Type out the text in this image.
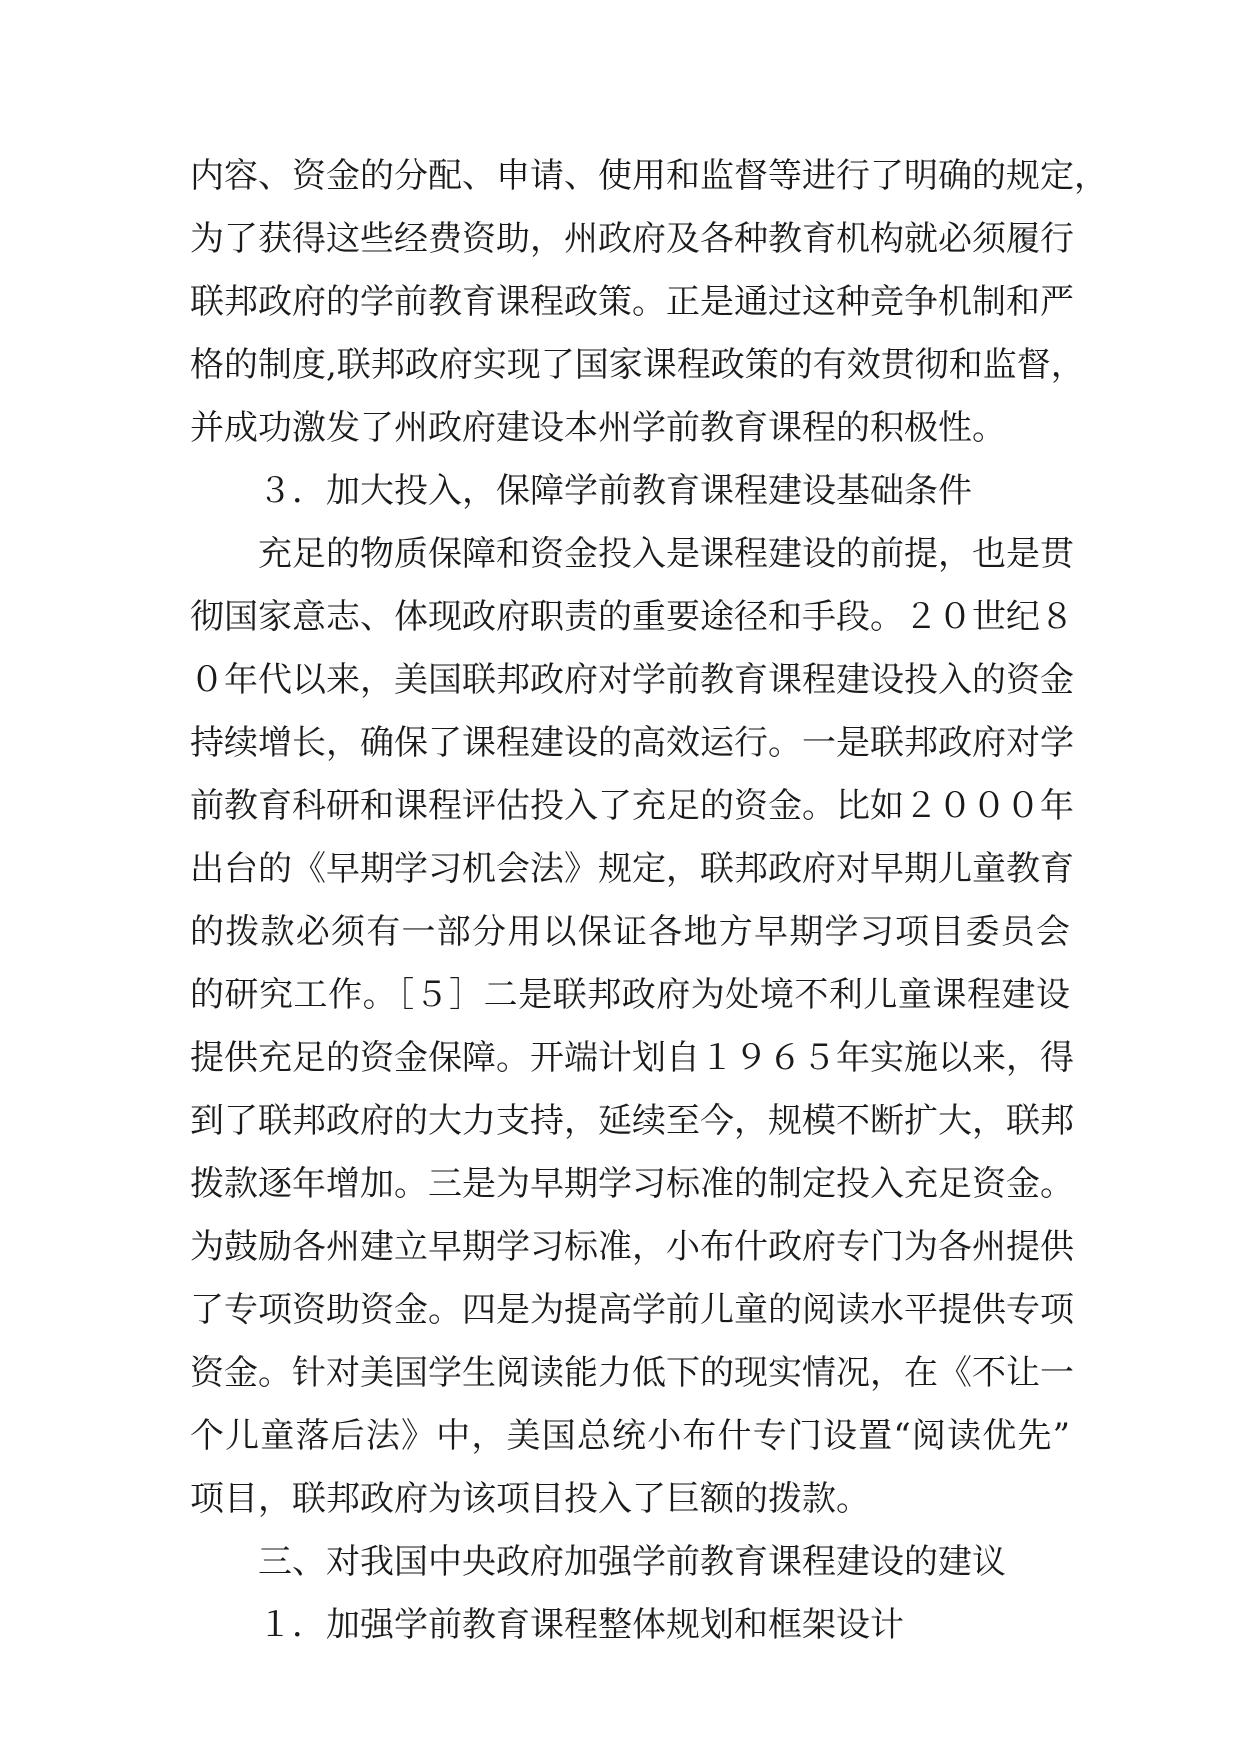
内容、资金的分配、申请、使用和监督等进行了明确的规定，
为了获得这些经费资助，州政府及各种教育机构就必须履行
联邦政府的学前教育课程政策。正是通过这种竞争机制和严
格的制度,联邦政府实现了国家课程政策的有效贯彻和监督，
并成功激发了州政府建设本州学前教育课程的积极性。
３．加大投入，保障学前教育课程建设基础条件
充足的物质保障和资金投入是课程建设的前提，也是贯
彻国家意志、体现政府职责的重要途径和手段。２０世纪８
０年代以来，美国联邦政府对学前教育课程建设投入的资金
持续增长，确保了课程建设的高效运行。一是联邦政府对学
前教育科研和课程评估投入了充足的资金。比如２０００年
出台的《早期学习机会法》规定，联邦政府对早期儿童教育
的拨款必须有一部分用以保证各地方早期学习项目委员会
的研究工作。［５］二是联邦政府为处境不利儿童课程建设
提供充足的资金保障。开端计划自１９６５年实施以来，得
到了联邦政府的大力支持，延续至今，规模不断扩大，联邦
拨款逐年增加。三是为早期学习标准的制定投入充足资金。
为鼓励各州建立早期学习标准，小布什政府专门为各州提供
了专项资助资金。四是为提高学前儿童的阅读水平提供专项
资金。针对美国学生阅读能力低下的现实情况，在《不让一
个儿童落后法》中，美国总统小布什专门设置“阅读优先”
项目，联邦政府为该项目投入了巨额的拨款。
三、对我国中央政府加强学前教育课程建设的建议
１．加强学前教育课程整体规划和框架设计
